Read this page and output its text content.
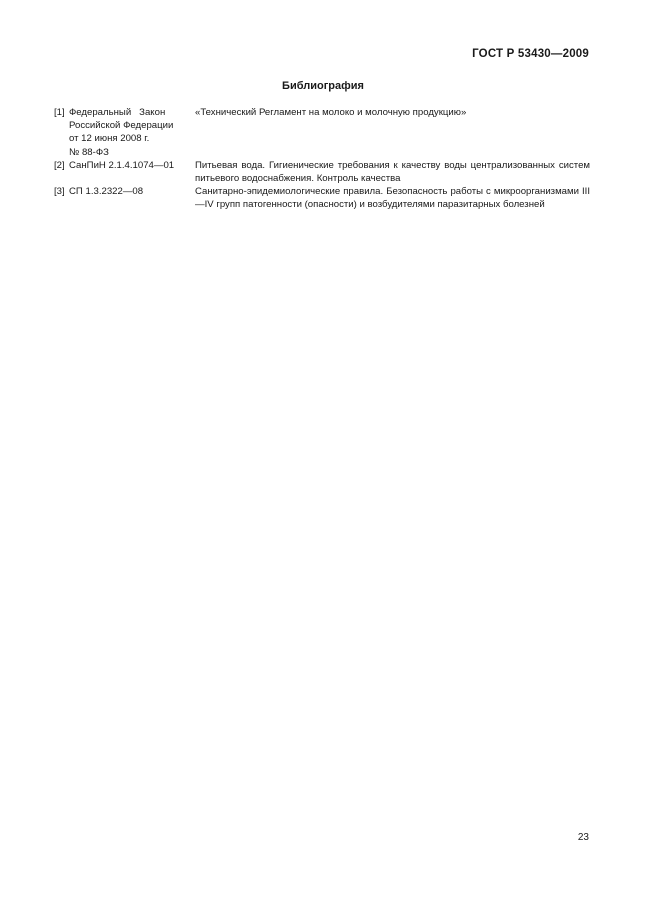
ГОСТ Р 53430—2009
Библиография
[1] Федеральный   Закон
Российской Федерации
от 12 июня 2008 г.
№ 88-ФЗ
«Технический Регламент на молоко и молочную продукцию»
[2] СанПиН 2.1.4.1074—01	Питьевая вода. Гигиенические требования к качеству воды централизованных систем питьевого водоснабжения. Контроль качества
[3] СП 1.3.2322—08	Санитарно-эпидемиологические правила. Безопасность работы с микроорганизмами III—IV групп патогенности (опасности) и возбудителями паразитарных болезней
23
